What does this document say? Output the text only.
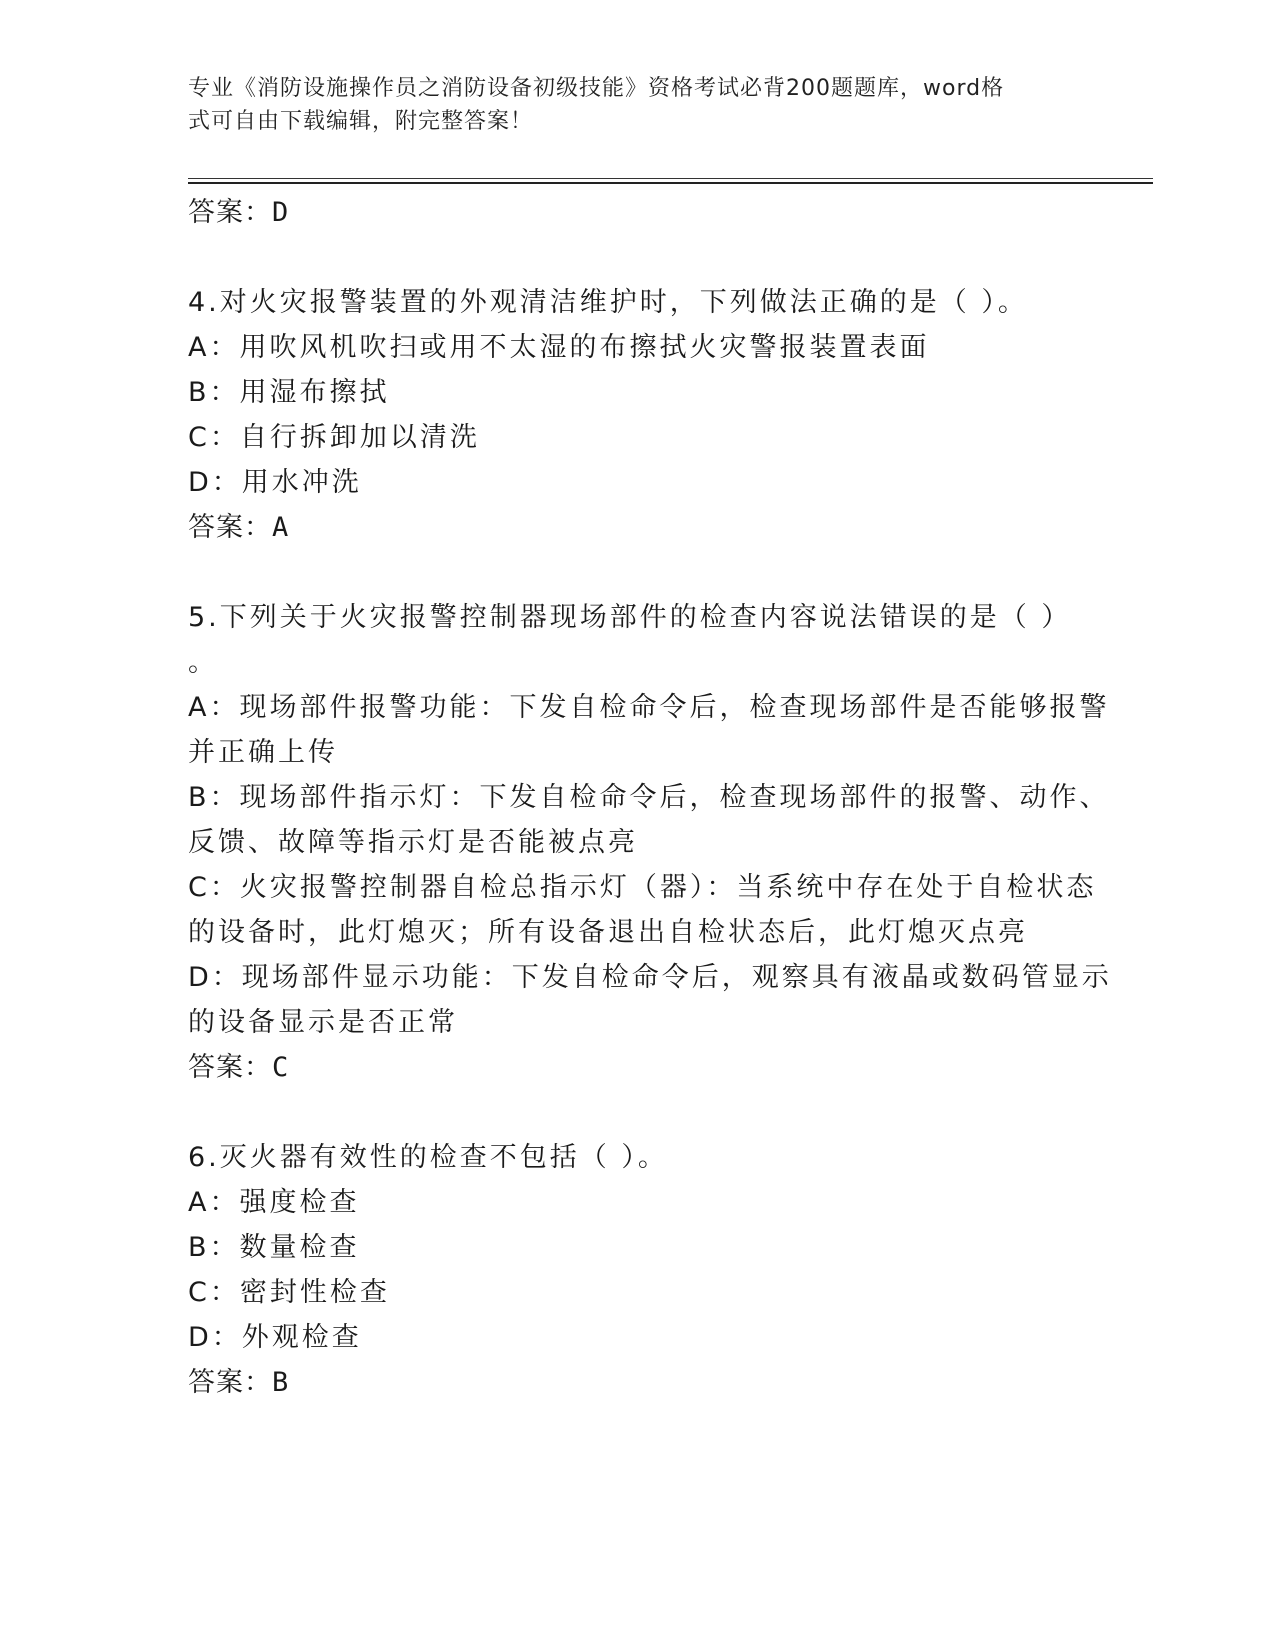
专业《消防设施操作员之消防设备初级技能》资格考试必背200题题库，word格
式可自由下载编辑，附完整答案！
答案：D
4.对火灾报警装置的外观清洁维护时，下列做法正确的是（ ）。
A：用吹风机吹扫或用不太湿的布擦拭火灾警报装置表面
B：用湿布擦拭
C：自行拆卸加以清洗
D：用水冲洗
答案：A
5.下列关于火灾报警控制器现场部件的检查内容说法错误的是（ ）
。
A：现场部件报警功能：下发自检命令后，检查现场部件是否能够报警
并正确上传
B：现场部件指示灯：下发自检命令后，检查现场部件的报警、动作、
反馈、故障等指示灯是否能被点亮
C：火灾报警控制器自检总指示灯（器）：当系统中存在处于自检状态
的设备时，此灯熄灭；所有设备退出自检状态后，此灯熄灭点亮
D：现场部件显示功能：下发自检命令后，观察具有液晶或数码管显示
的设备显示是否正常
答案：C
6.灭火器有效性的检查不包括（ ）。
A：强度检查
B：数量检查
C：密封性检查
D：外观检查
答案：B
